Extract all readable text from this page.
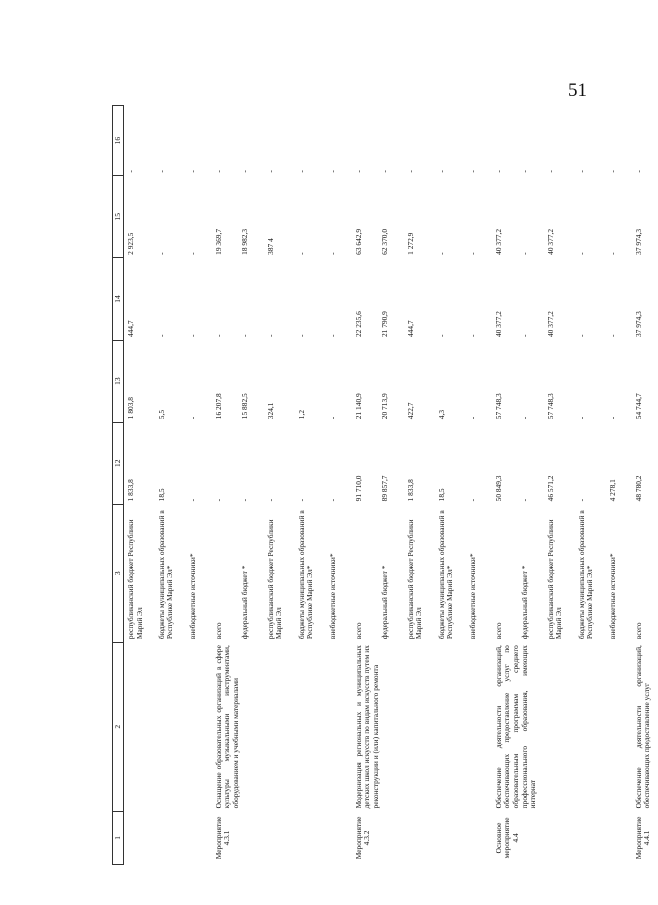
51
1	2	3	12	13	14	15	16
		республиканский бюджет Республики Марий Эл	1 833,8	1 803,8	444,7	2 923,5	-
		бюджеты муниципальных образований в Республике Марий Эл*	18,5	5,5	-	-	-
		внебюджетные источники*	-	-	-	-	-
Мероприятие 4.3.1	Оснащение образовательных организаций в сфере культуры музыкальными инструментами, оборудованием и учебными материалами	всего	-	16 207,8	-	19 369,7	-
		федеральный бюджет *	-	15 882,5	-	18 982,3	-
		республиканский бюджет Республики Марий Эл	-	324,1	-	387 4	-
		бюджеты муниципальных образований в Республике Марий Эл*	-	1,2	-	-	-
		внебюджетные источники*	-	-	-	-	-
Мероприятие 4.3.2	Модернизация региональных и муниципальных детских школ искусств по видам искусств путем их реконструкции и (или) капитального ремонта	всего	91 710,0	21 140,9	22 235,6	63 642,9	-
		федеральный бюджет *	89 857,7	20 713,9	21 790,9	62 370,0	-
		республиканский бюджет Республики Марий Эл	1 833,8	422,7	444,7	1 272,9	-
		бюджеты муниципальных образований в Республике Марий Эл*	18,5	4,3	-	-	-
		внебюджетные источники*	-	-	-	-	-
Основное мероприятие 4.4	Обеспечение деятельности организаций, обеспечивающих предоставление услуг по образовательным программам среднего профессионального образования, имеющих интернат	всего	50 849,3	57 748,3	40 377,2	40 377,2	-
		федеральный бюджет *	-	-	-	-	-
		республиканский бюджет Республики Марий Эл	46 571,2	57 748,3	40 377,2	40 377,2	-
		бюджеты муниципальных образований в Республике Марий Эл*	-	-	-	-	-
		внебюджетные источники*	4 278,1	-	-	-	-
Мероприятие 4.4.1	Обеспечение деятельности организаций, обеспечивающих предоставление услуг	всего	48 780,2	54 744,7	37 974,3	37 974,3	-
